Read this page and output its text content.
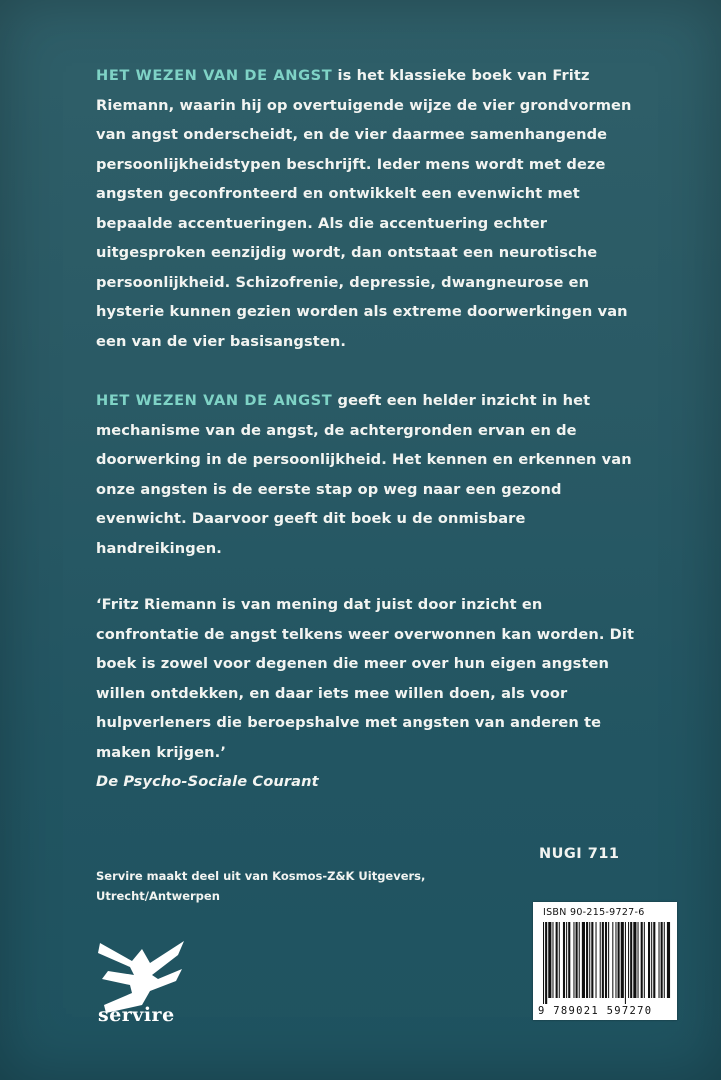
HET WEZEN VAN DE ANGST is het klassieke boek van Fritz Riemann, waarin hij op overtuigende wijze de vier grondvormen van angst onderscheidt, en de vier daarmee samenhangende persoonlijkheidstypen beschrijft. Ieder mens wordt met deze angsten geconfronteerd en ontwikkelt een evenwicht met bepaalde accentueringen. Als die accentuering echter uitgesproken eenzijdig wordt, dan ontstaat een neurotische persoonlijkheid. Schizofrenie, depressie, dwangneurose en hysterie kunnen gezien worden als extreme doorwerkingen van een van de vier basisangsten.
HET WEZEN VAN DE ANGST geeft een helder inzicht in het mechanisme van de angst, de achtergronden ervan en de doorwerking in de persoonlijkheid. Het kennen en erkennen van onze angsten is de eerste stap op weg naar een gezond evenwicht. Daarvoor geeft dit boek u de onmisbare handreikingen.
‘Fritz Riemann is van mening dat juist door inzicht en confrontatie de angst telkens weer overwonnen kan worden. Dit boek is zowel voor degenen die meer over hun eigen angsten willen ontdekken, en daar iets mee willen doen, als voor hulpverleners die beroepshalve met angsten van anderen te maken krijgen.’
De Psycho-Sociale Courant
NUGI 711
Servire maakt deel uit van Kosmos-Z&K Uitgevers,
Utrecht/Antwerpen
servire
ISBN 90-215-9727-6
9 789021 597270
